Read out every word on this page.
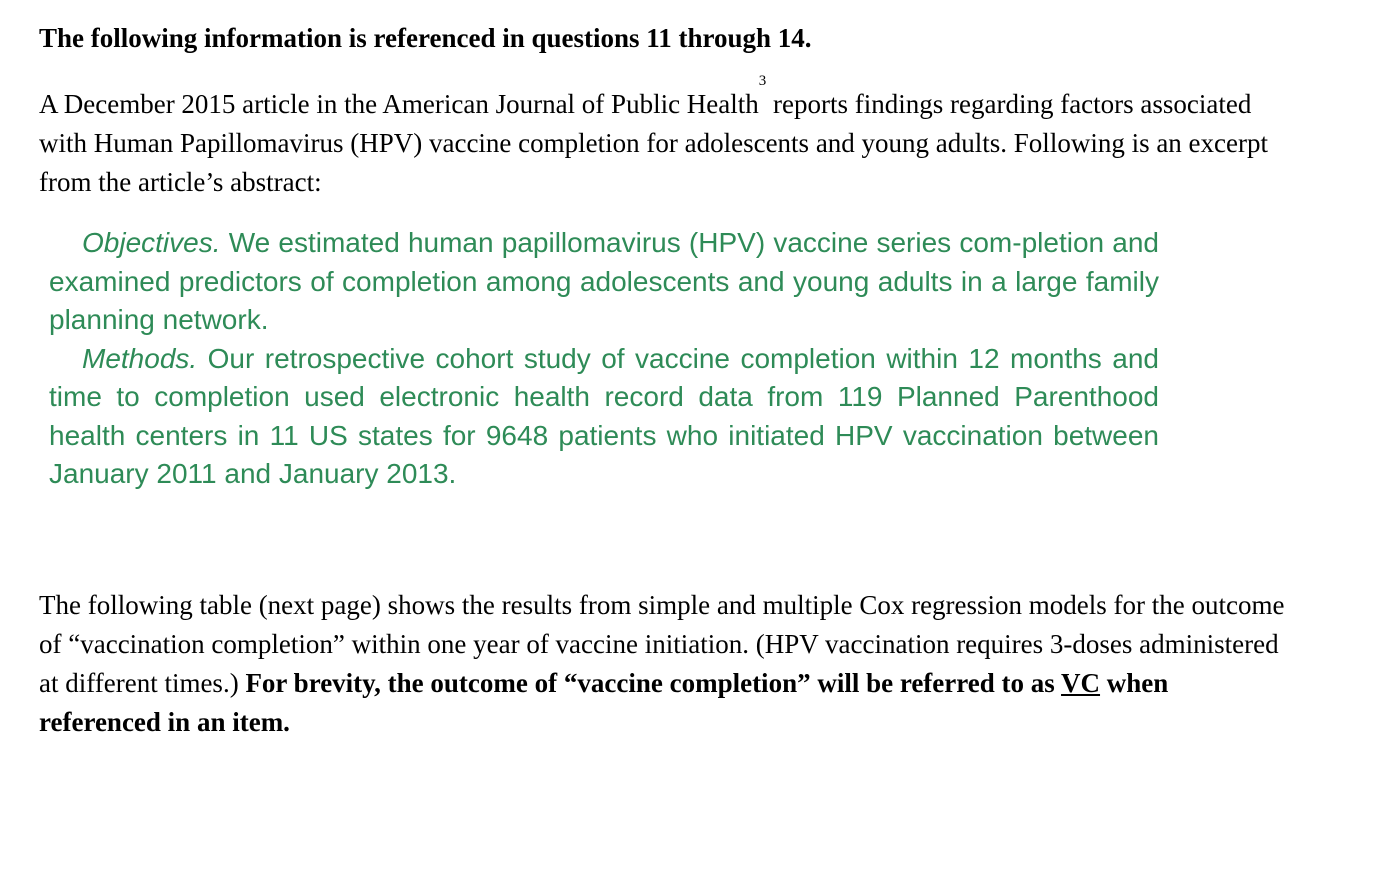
The following information is referenced in questions 11 through 14.

A December 2015 article in the American Journal of Public Health$^3$ reports findings regarding factors associated with Human Papillomavirus (HPV) vaccine completion for adolescents and young adults. Following is an excerpt from the article’s abstract:

Objectives. We estimated human papillomavirus (HPV) vaccine series com-pletion and examined predictors of completion among adolescents and young adults in a large family planning network.

Methods. Our retrospective cohort study of vaccine completion within 12 months and time to completion used electronic health record data from 119 Planned Parenthood health centers in 11 US states for 9648 patients who initiated HPV vaccination between January 2011 and January 2013.

The following table (next page) shows the results from simple and multiple Cox regression models for the outcome of “vaccination completion” within one year of vaccine initiation. (HPV vaccination requires 3-doses administered at different times.) For brevity, the outcome of “vaccine completion” will be referred to as VC when referenced in an item.
